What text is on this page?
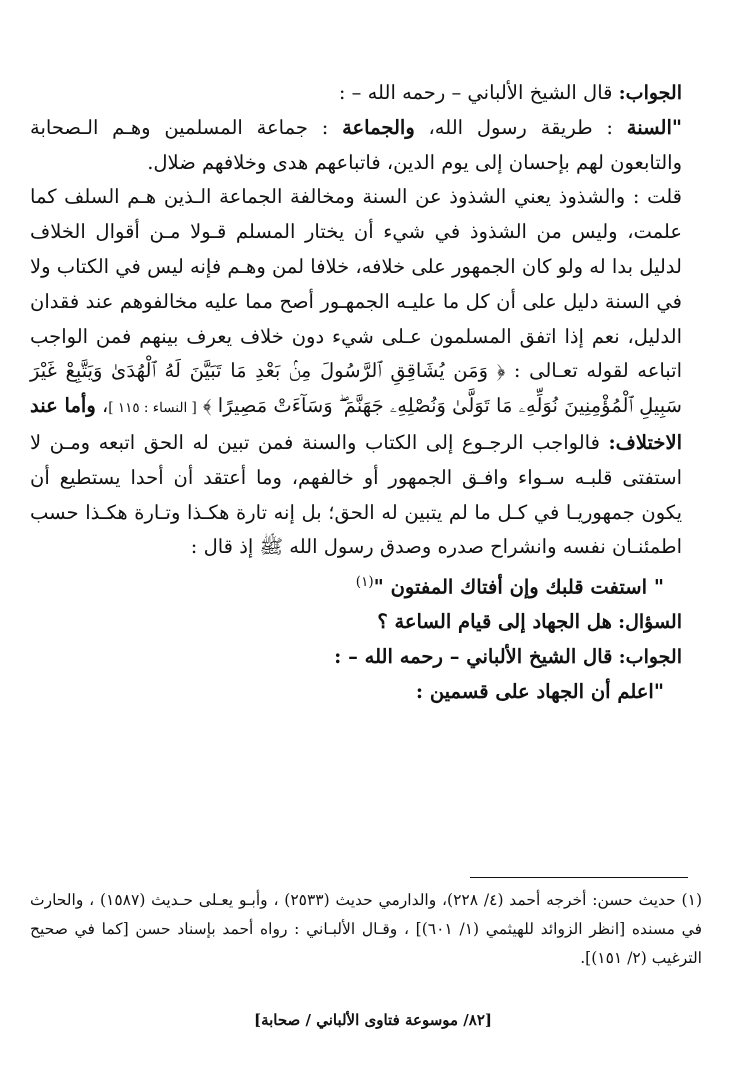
الجواب: قال الشيخ الألباني – رحمه الله – :

"السنة : طريقة رسول الله، والجماعة : جماعة المسلمين وهـم الـصحابة والتابعون لهم بإحسان إلى يوم الدين، فاتباعهم هدى وخلافهم ضلال.

قلت : والشذوذ يعني الشذوذ عن السنة ومخالفة الجماعة الـذين هـم السلف كما علمت، وليس من الشذوذ في شيء أن يختار المسلم قـولا مـن أقوال الخلاف لدليل بدا له ولو كان الجمهور على خلافه، خلافا لمن وهـم فإنه ليس في الكتاب ولا في السنة دليل على أن كل ما عليـه الجمهـور أصح مما عليه مخالفوهم عند فقدان الدليل، نعم إذا اتفق المسلمون عـلى شيء دون خلاف يعرف بينهم فمن الواجب اتباعه لقوله تعـالى : ﴿ وَمَن يُشَاقِقِ ٱلرَّسُولَ مِنۢ بَعْدِ مَا تَبَيَّنَ لَهُ ٱلْهُدَىٰ وَيَتَّبِعْ غَيْرَ سَبِيلِ ٱلْمُؤْمِنِينَ نُوَلِّهِۦ مَا تَوَلَّىٰ وَنُصْلِهِۦ جَهَنَّمَ ۖ وَسَآءَتْ مَصِيرًا ﴾ [ النساء : ١١٥ ]، وأما عند الاختلاف: فالواجب الرجـوع إلى الكتاب والسنة فمن تبين له الحق اتبعه ومـن لا استفتى قلبـه سـواء وافـق الجمهور أو خالفهم، وما أعتقد أن أحدا يستطيع أن يكون جمهوريـا في كـل ما لم يتبين له الحق؛ بل إنه تارة هكـذا وتـارة هكـذا حسب اطمئنـان نفسه وانشراح صدره وصدق رسول الله ﷺ إذ قال :

" استفت قلبك وإن أفتاك المفتون "$^{(١)}$

السؤال: هل الجهاد إلى قيام الساعة ؟

الجواب: قال الشيخ الألباني – رحمه الله – :

"اعلم أن الجهاد على قسمين :

(١) حديث حسن: أخرجه أحمد (٤/ ٢٢٨)، والدارمي حديث (٢٥٣٣) ، وأبـو يعـلى حـديث (١٥٨٧) ، والحارث في مسنده [انظر الزوائد للهيثمي (١/ ٦٠١)] ، وقـال الألبـاني : رواه أحمد بإسناد حسن [كما في صحيح الترغيب (٢/ ١٥١)].

[٨٢/ موسوعة فتاوى الألباني / صحابة]
